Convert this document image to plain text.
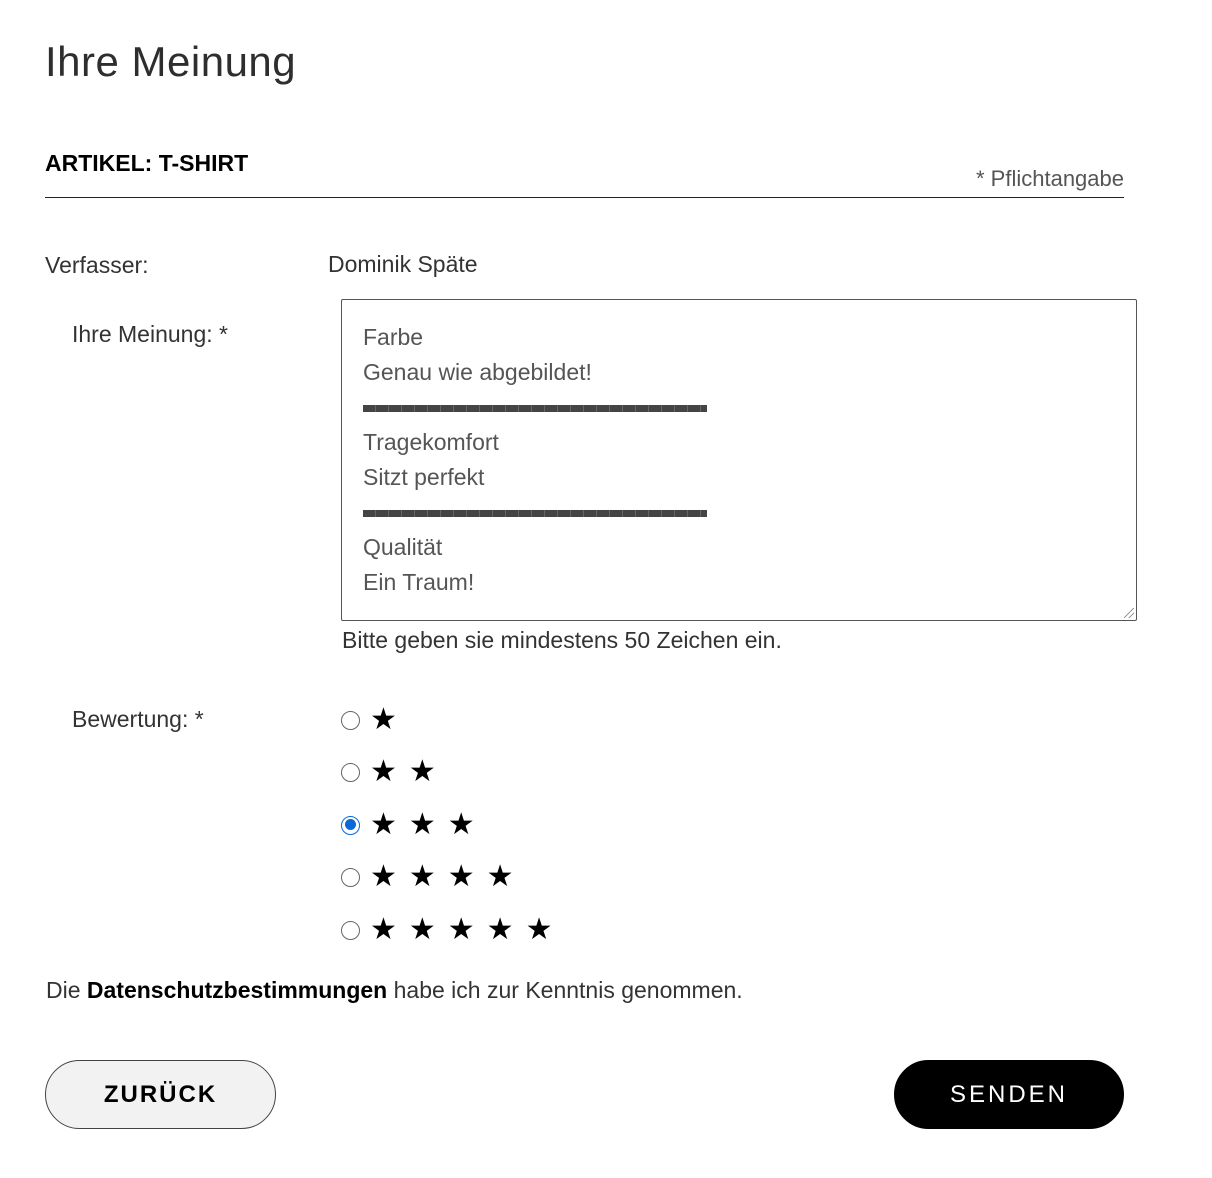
Ihre Meinung
ARTIKEL: T-SHIRT
* Pflichtangabe
Verfasser:	Dominik Späte
Ihre Meinung: *	Farbe
Genau wie abgebildet!
Tragekomfort
Sitzt perfekt
Qualität
Ein Traum!
Bitte geben sie mindestens 50 Zeichen ein.
Bewertung: *	★
★★
★★★
★★★★
★★★★★
Die Datenschutzbestimmungen habe ich zur Kenntnis genommen.
ZURÜCK	SENDEN
